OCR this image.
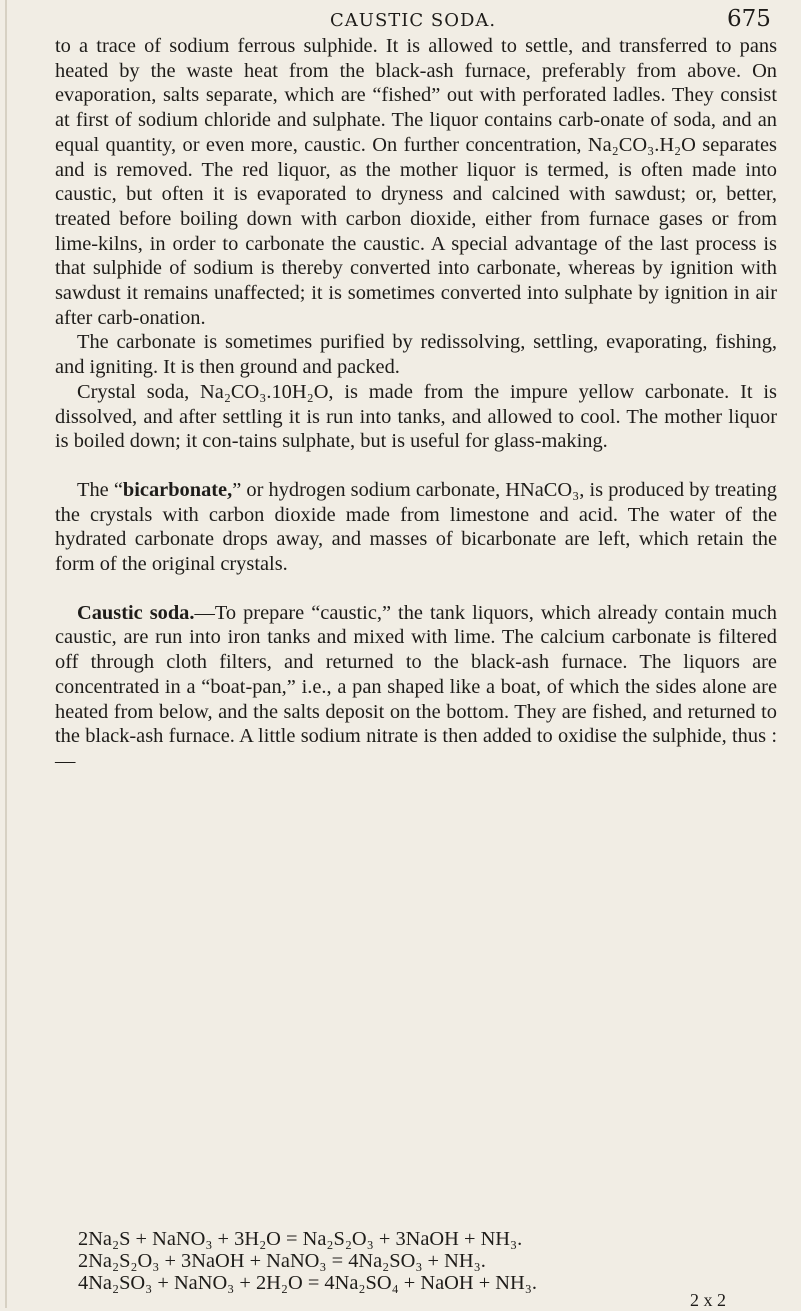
CAUSTIC SODA.	675

to a trace of sodium ferrous sulphide. It is allowed to settle, and transferred to pans heated by the waste heat from the black-ash furnace, preferably from above. On evaporation, salts separate, which are “fished” out with perforated ladles. They consist at first of sodium chloride and sulphate. The liquor contains carb-onate of soda, and an equal quantity, or even more, caustic. On further concentration, Na₂CO₃.H₂O separates and is removed. The red liquor, as the mother liquor is termed, is often made into caustic, but often it is evaporated to dryness and calcined with sawdust; or, better, treated before boiling down with carbon dioxide, either from furnace gases or from lime-kilns, in order to carbonate the caustic. A special advantage of the last process is that sulphide of sodium is thereby converted into carbonate, whereas by ignition with sawdust it remains unaffected; it is sometimes converted into sulphate by ignition in air after carb-onation.

The carbonate is sometimes purified by redissolving, settling, evaporating, fishing, and igniting. It is then ground and packed.

Crystal soda, Na₂CO₃.10H₂O, is made from the impure yellow carbonate. It is dissolved, and after settling it is run into tanks, and allowed to cool. The mother liquor is boiled down; it con-tains sulphate, but is useful for glass-making.

The “bicarbonate,” or hydrogen sodium carbonate, HNaCO₃, is produced by treating the crystals with carbon dioxide made from limestone and acid. The water of the hydrated carbonate drops away, and masses of bicarbonate are left, which retain the form of the original crystals.

Caustic soda.—To prepare “caustic,” the tank liquors, which already contain much caustic, are run into iron tanks and mixed with lime. The calcium carbonate is filtered off through cloth filters, and returned to the black-ash furnace. The liquors are concentrated in a “boat-pan,” i.e., a pan shaped like a boat, of which the sides alone are heated from below, and the salts deposit on the bottom. They are fished, and returned to the black-ash furnace. A little sodium nitrate is then added to oxidise the sulphide, thus :—

2Na₂S + NaNO₃ + 3H₂O = Na₂S₂O₃ + 3NaOH + NH₃.
2Na₂S₂O₃ + 3NaOH + NaNO₃ = 4Na₂SO₃ + NH₃.
4Na₂SO₃ + NaNO₃ + 2H₂O = 4Na₂SO₄ + NaOH + NH₃.
2 x 2
